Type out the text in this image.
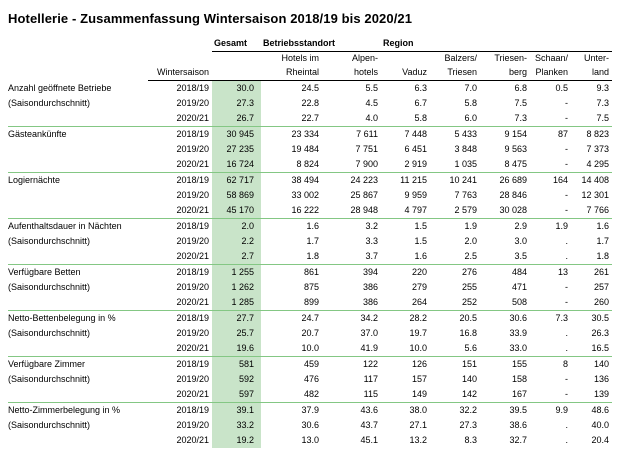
Hotellerie - Zusammenfassung Wintersaison 2018/19 bis 2020/21
		Gesamt	Betriebsstandort		Region				
			Hotels im	Alpen-		Balzers/	Triesen-	Schaan/	Unter-
	Wintersaison		Rheintal	hotels	Vaduz	Triesen	berg	Planken	land
Anzahl geöffnete Betriebe	2018/19	30.0	24.5	5.5	6.3	7.0	6.8	0.5	9.3
(Saisondurchschnitt)	2019/20	27.3	22.8	4.5	6.7	5.8	7.5	-	7.3
	2020/21	26.7	22.7	4.0	5.8	6.0	7.3	-	7.5
Gästeankünfte	2018/19	30 945	23 334	7 611	7 448	5 433	9 154	87	8 823
	2019/20	27 235	19 484	7 751	6 451	3 848	9 563	-	7 373
	2020/21	16 724	8 824	7 900	2 919	1 035	8 475	-	4 295
Logiernächte	2018/19	62 717	38 494	24 223	11 215	10 241	26 689	164	14 408
	2019/20	58 869	33 002	25 867	9 959	7 763	28 846	-	12 301
	2020/21	45 170	16 222	28 948	4 797	2 579	30 028	-	7 766
Aufenthaltsdauer in Nächten	2018/19	2.0	1.6	3.2	1.5	1.9	2.9	1.9	1.6
(Saisondurchschnitt)	2019/20	2.2	1.7	3.3	1.5	2.0	3.0	.	1.7
	2020/21	2.7	1.8	3.7	1.6	2.5	3.5	.	1.8
Verfügbare Betten	2018/19	1 255	861	394	220	276	484	13	261
(Saisondurchschnitt)	2019/20	1 262	875	386	279	255	471	-	257
	2020/21	1 285	899	386	264	252	508	-	260
Netto-Bettenbelegung in %	2018/19	27.7	24.7	34.2	28.2	20.5	30.6	7.3	30.5
(Saisondurchschnitt)	2019/20	25.7	20.7	37.0	19.7	16.8	33.9	.	26.3
	2020/21	19.6	10.0	41.9	10.0	5.6	33.0	.	16.5
Verfügbare Zimmer	2018/19	581	459	122	126	151	155	8	140
(Saisondurchschnitt)	2019/20	592	476	117	157	140	158	-	136
	2020/21	597	482	115	149	142	167	-	139
Netto-Zimmerbelegung in %	2018/19	39.1	37.9	43.6	38.0	32.2	39.5	9.9	48.6
(Saisondurchschnitt)	2019/20	33.2	30.6	43.7	27.1	27.3	38.6	.	40.0
	2020/21	19.2	13.0	45.1	13.2	8.3	32.7	.	20.4
